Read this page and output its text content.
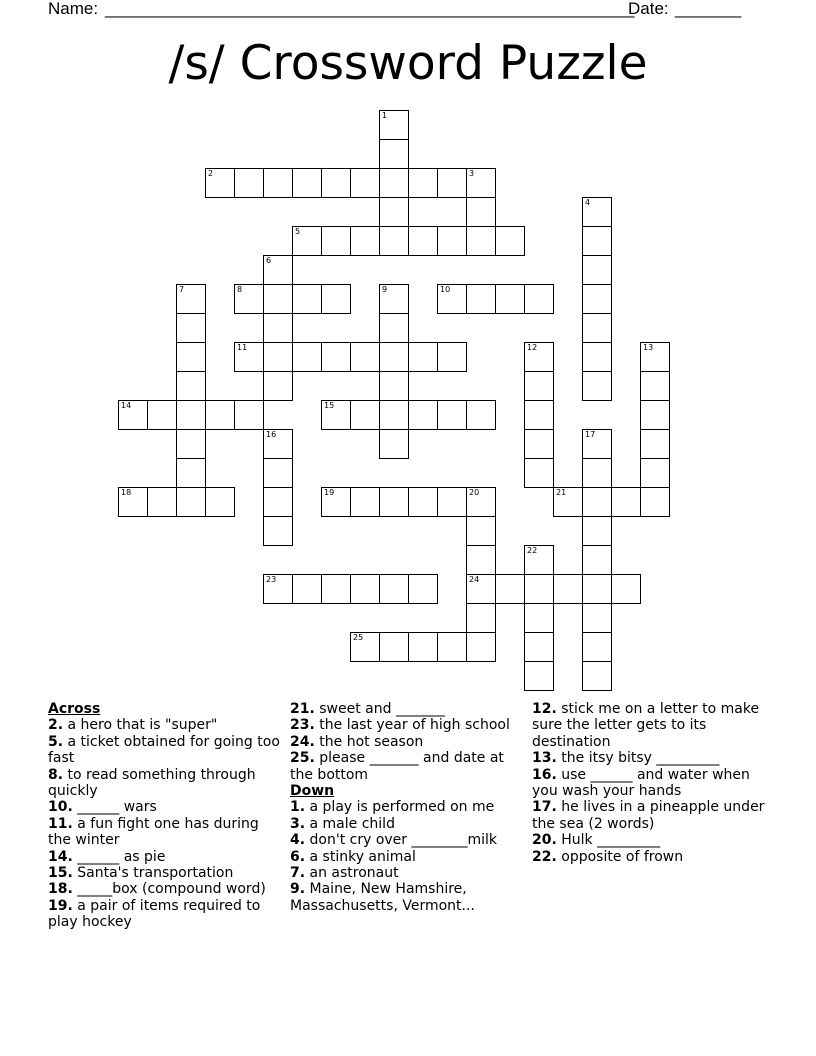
Name: ________________________________________________________
Date: _______
/s/ Crossword Puzzle
1
2	3
4
5
6
7	8	9	10
11	12	13
14	15
16	17
18	19	20
24
21
22
23
25
Across
2. a hero that is "super"
5. a ticket obtained for going too fast
8. to read something through quickly
10. ______ wars
11. a fun fight one has during the winter
14. ______ as pie
15. Santa's transportation
18. _____box (compound word)
19. a pair of items required to play hockey
21. sweet and _______
23. the last year of high school
24. the hot season
25. please _______ and date at the bottom
Down
1. a play is performed on me
3. a male child
4. don't cry over ________milk
6. a stinky animal
7. an astronaut
9. Maine, New Hamshire, Massachusetts, Vermont...
12. stick me on a letter to make sure the letter gets to its destination
13. the itsy bitsy _________
16. use ______ and water when you wash your hands
17. he lives in a pineapple under the sea (2 words)
20. Hulk _________
22. opposite of frown
